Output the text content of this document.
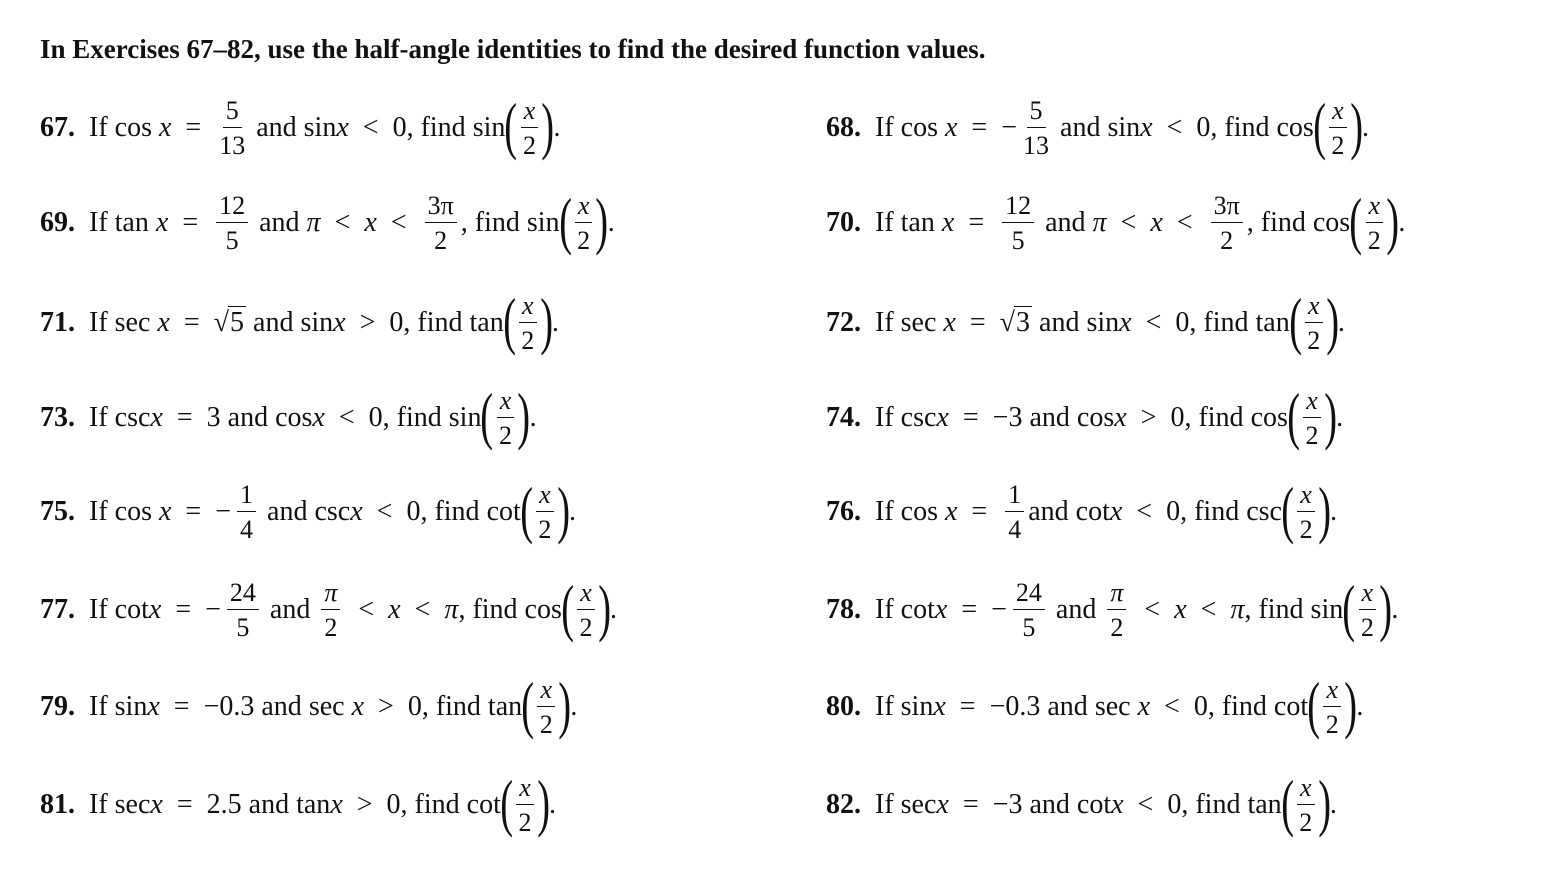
In Exercises 67–82, use the half-angle identities to find the desired function values.
67. If
cos
$x = \frac{5}{13}$
and
sin x < 0,
find
sin ( $\frac{x}{2}$ ) .	68. If
cos
x = − $\frac{5}{13}$
and
sin x < 0,
find
cos ( $\frac{x}{2}$ ) .
69. If
tan
$x = \frac{12}{5}$
and
$\pi < x < \frac{3\pi}{2}$ ,
find
sin ( $\frac{x}{2}$ ) .	70. If
tan
$x = \frac{12}{5}$
and
$\pi < x < \frac{3\pi}{2}$ ,
find
cos ( $\frac{x}{2}$ ) .
71. If
sec
x = √5
and
sin x > 0,
find
tan ( $\frac{x}{2}$ ) .	72. If
sec
x = √3
and
sin x < 0,
find
tan ( $\frac{x}{2}$ ) .
73. If
csc x = 3
and
cos x < 0,
find
sin ( $\frac{x}{2}$ ) .	74. If
csc x = −3
and
cos x > 0,
find
cos ( $\frac{x}{2}$ ) .
75. If
cos
x = − $\frac{1}{4}$
and
csc x < 0,
find
cot ( $\frac{x}{2}$ ) .	76. If
cos
$x = \frac{1}{4}$ and
cot x < 0,
find
csc ( $\frac{x}{2}$ ) .
77. If
cot x = − $\frac{24}{5}$
and
$\frac{\pi}{2} < x < \pi$ ,
find
cos ( $\frac{x}{2}$ ) .	78. If
cot x = − $\frac{24}{5}$
and
$\frac{\pi}{2} < x < \pi$ ,
find
sin ( $\frac{x}{2}$ ) .
79. If
sin x = −0.3
and
sec
x > 0,
find
tan ( $\frac{x}{2}$ ) .	80. If
sin x = −0.3
and
sec
x < 0,
find
cot ( $\frac{x}{2}$ ) .
81. If
sec x = 2.5
and
tan x > 0,
find
cot ( $\frac{x}{2}$ ) .	82. If
sec x = −3
and
cot x < 0,
find
tan ( $\frac{x}{2}$ ) .
